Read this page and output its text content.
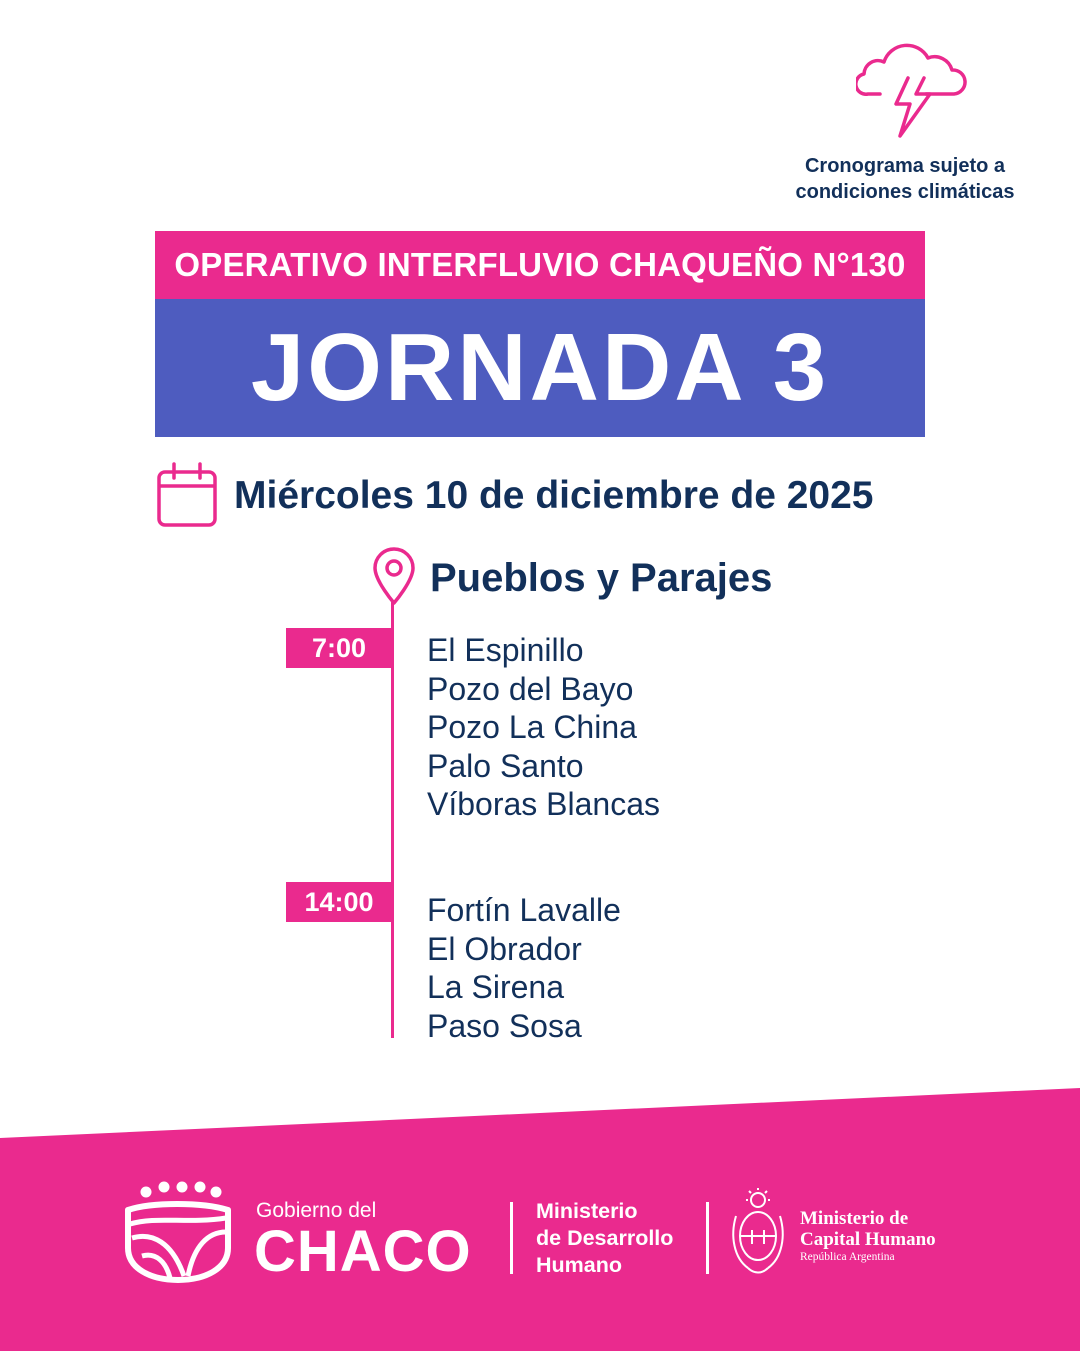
Cronograma sujeto a
condiciones climáticas
OPERATIVO INTERFLUVIO CHAQUEÑO N°130
JORNADA 3
Miércoles 10 de diciembre de 2025
Pueblos y Parajes
7:00	El Espinillo
Pozo del Bayo
Pozo La China
Palo Santo
Víboras Blancas
14:00	Fortín Lavalle
El Obrador
La Sirena
Paso Sosa
Gobierno del
CHACO
Ministerio
de Desarrollo
Humano
Ministerio de
Capital Humano
República Argentina
